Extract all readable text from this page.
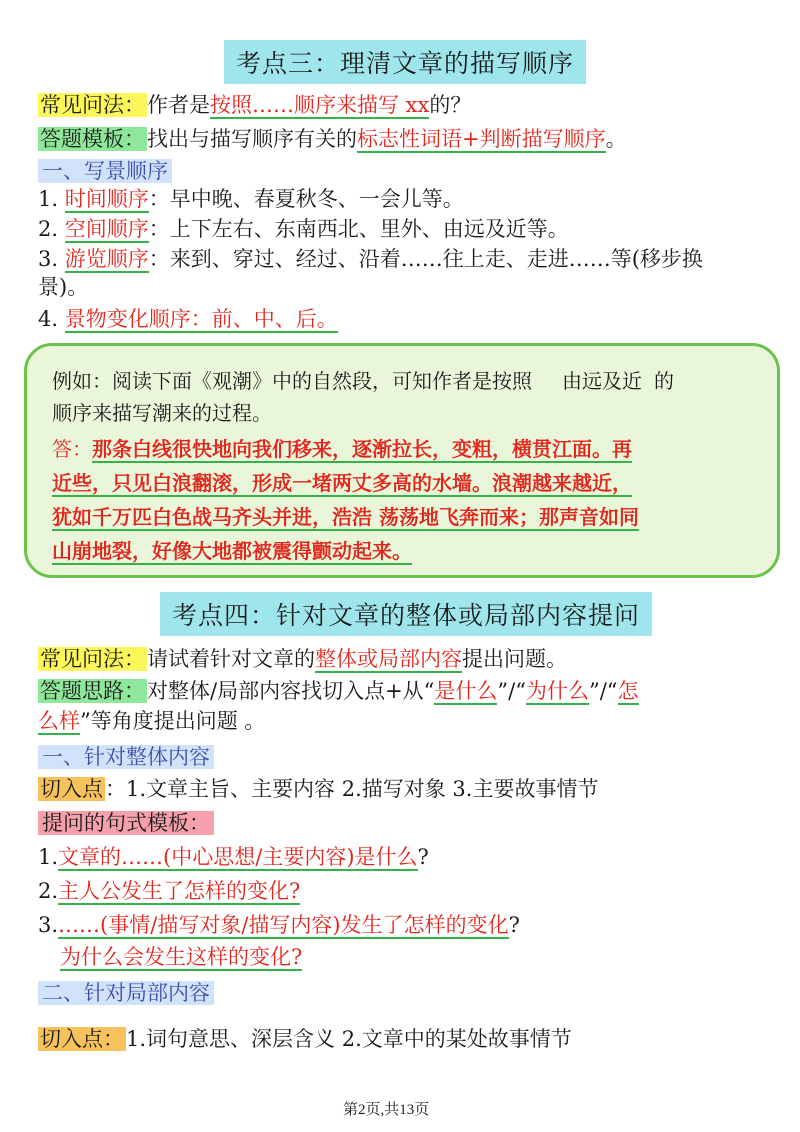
考点三：理清文章的描写顺序
常见问法：作者是按照……顺序来描写 xx的？
答题模板：找出与描写顺序有关的标志性词语+判断描写顺序。
一、写景顺序
1. 时间顺序：早中晚、春夏秋冬、一会儿等。
2. 空间顺序：上下左右、东南西北、里外、由远及近等。
3. 游览顺序：来到、穿过、经过、沿着……往上走、走进……等(移步换
景)。
4. 景物变化顺序：前、中、后。
例如：阅读下面《观潮》中的自然段，可知作者是按照 由远及近 的
顺序来描写潮来的过程。
答：那条白线很快地向我们移来，逐渐拉长，变粗，横贯江面。再
近些，只见白浪翻滚，形成一堵两丈多高的水墙。浪潮越来越近，
犹如千万匹白色战马齐头并进，浩浩 荡荡地飞奔而来；那声音如同
山崩地裂，好像大地都被震得颤动起来。
考点四：针对文章的整体或局部内容提问
常见问法：请试着针对文章的整体或局部内容提出问题。
答题思路：对整体/局部内容找切入点+从“是什么”/“为什么”/“怎
么样”等角度提出问题 。
一、针对整体内容
切入点：1.文章主旨、主要内容 2.描写对象 3.主要故事情节
提问的句式模板：
1.文章的……(中心思想/主要内容)是什么?
2.主人公发生了怎样的变化?
3.……(事情/描写对象/描写内容)发生了怎样的变化?
为什么会发生这样的变化?
二、针对局部内容
切入点：1.词句意思、深层含义 2.文章中的某处故事情节
第2页,共13页
